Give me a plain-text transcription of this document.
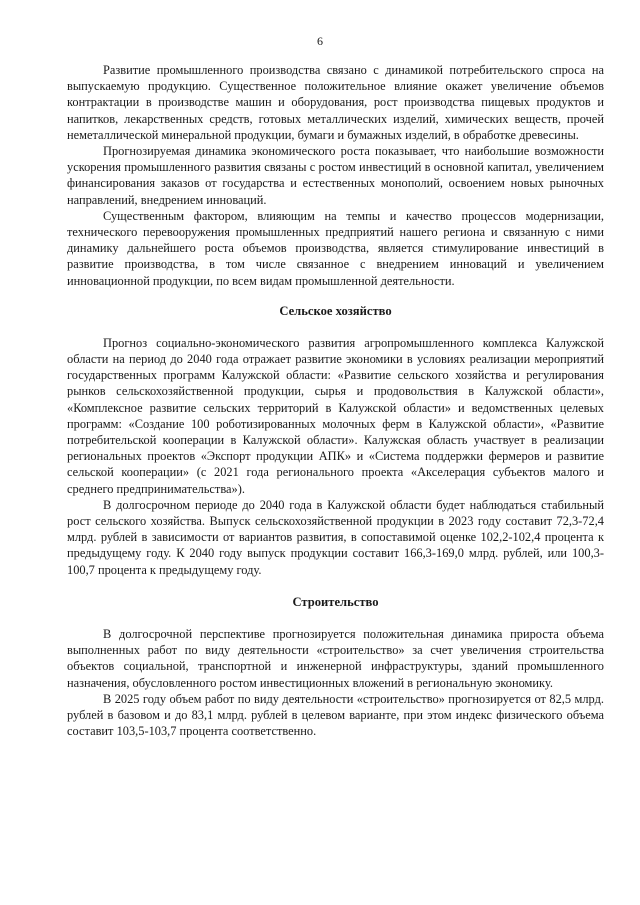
6

Развитие промышленного производства связано с динамикой потребительского спроса на выпускаемую продукцию. Существенное положительное влияние окажет увеличение объемов контрактации в производстве машин и оборудования, рост производства пищевых продуктов и напитков, лекарственных средств, готовых металлических изделий, химических веществ, прочей неметаллической минеральной продукции, бумаги и бумажных изделий, в обработке древесины.

Прогнозируемая динамика экономического роста показывает, что наибольшие возможности ускорения промышленного развития связаны с ростом инвестиций в основной капитал, увеличением финансирования заказов от государства и естественных монополий, освоением новых рыночных направлений, внедрением инноваций.

Существенным фактором, влияющим на темпы и качество процессов модернизации, технического перевооружения промышленных предприятий нашего региона и связанную с ними динамику дальнейшего роста объемов производства, является стимулирование инвестиций в развитие производства, в том числе связанное с внедрением инноваций и увеличением инновационной продукции, по всем видам промышленной деятельности.

Сельское хозяйство

Прогноз социально-экономического развития агропромышленного комплекса Калужской области на период до 2040 года отражает развитие экономики в условиях реализации мероприятий государственных программ Калужской области: «Развитие сельского хозяйства и регулирования рынков сельскохозяйственной продукции, сырья и продовольствия в Калужской области», «Комплексное развитие сельских территорий в Калужской области» и ведомственных целевых программ: «Создание 100 роботизированных молочных ферм в Калужской области», «Развитие потребительской кооперации в Калужской области». Калужская область участвует в реализации региональных проектов «Экспорт продукции АПК» и «Система поддержки фермеров и развитие сельской кооперации» (с 2021 года регионального проекта «Акселерация субъектов малого и среднего предпринимательства»).

В долгосрочном периоде до 2040 года в Калужской области будет наблюдаться стабильный рост сельского хозяйства. Выпуск сельскохозяйственной продукции в 2023 году составит 72,3-72,4 млрд. рублей в зависимости от вариантов развития, в сопоставимой оценке 102,2-102,4 процента к предыдущему году. К 2040 году выпуск продукции составит 166,3-169,0 млрд. рублей, или 100,3-100,7 процента к предыдущему году.

Строительство

В долгосрочной перспективе прогнозируется положительная динамика прироста объема выполненных работ по виду деятельности «строительство» за счет увеличения строительства объектов социальной, транспортной и инженерной инфраструктуры, зданий промышленного назначения, обусловленного ростом инвестиционных вложений в региональную экономику.

В 2025 году объем работ по виду деятельности «строительство» прогнозируется от 82,5 млрд. рублей в базовом и до 83,1 млрд. рублей в целевом варианте, при этом индекс физического объема составит 103,5-103,7 процента соответственно.
